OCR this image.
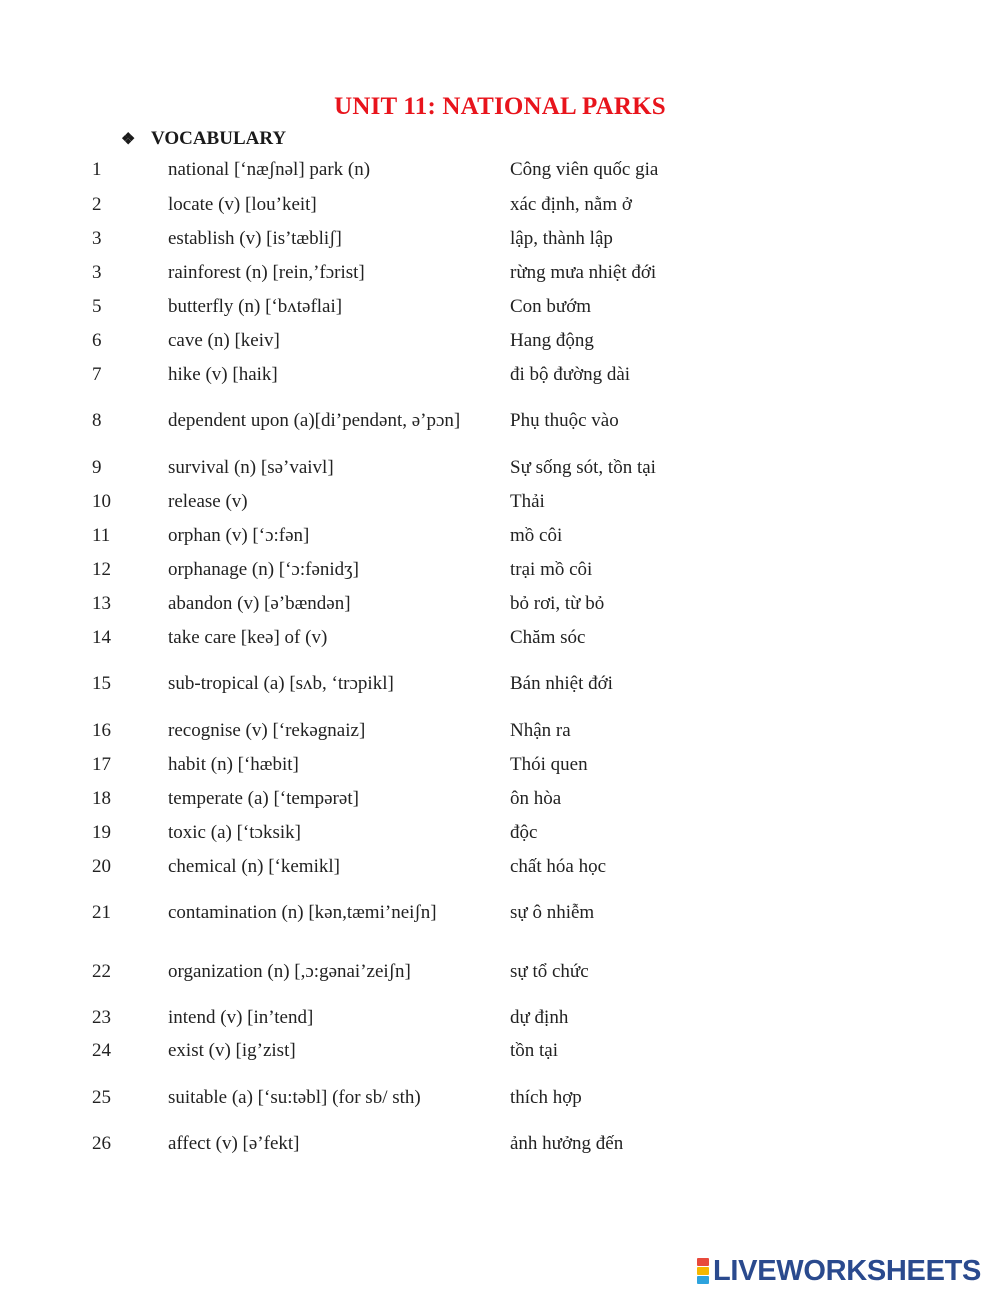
UNIT 11: NATIONAL PARKS
❖ VOCABULARY
1	national [‘næʃnəl] park (n)	Công viên quốc gia
2	locate (v) [lou’keit]	xác định, nằm ở
3	establish (v) [is’tæbliʃ]	lập, thành lập
3	rainforest (n) [rein,’fɔrist]	rừng mưa nhiệt đới
5	butterfly (n) [‘bʌtəflai]	Con bướm
6	cave (n) [keiv]	Hang động
7	hike (v) [haik]	đi bộ đường dài
8	dependent upon (a)[di’pendənt, ə’pɔn]	Phụ thuộc vào
9	survival (n) [sə’vaivl]	Sự sống sót, tồn tại
10	release (v)	Thải
11	orphan (v) [‘ɔ:fən]	mồ côi
12	orphanage (n) [‘ɔ:fənidʒ]	trại mồ côi
13	abandon (v) [ə’bændən]	bỏ rơi, từ bỏ
14	take care [keə] of (v)	Chăm sóc
15	sub-tropical (a) [sʌb, ‘trɔpikl]	Bán nhiệt đới
16	recognise (v) [‘rekəgnaiz]	Nhận ra
17	habit (n) [‘hæbit]	Thói quen
18	temperate (a) [‘tempərət]	ôn hòa
19	toxic (a) [‘tɔksik]	độc
20	chemical (n) [‘kemikl]	chất hóa học
21	contamination (n) [kən,tæmi’neiʃn]	sự ô nhiễm
22	organization (n) [,ɔ:gənai’zeiʃn]	sự tổ chức
23	intend (v) [in’tend]	dự định
24	exist (v) [ig’zist]	tồn tại
25	suitable (a) [‘su:təbl] (for sb/ sth)	thích hợp
26	affect (v) [ə’fekt]	ảnh hưởng đến
LIVEWORKSHEETS
